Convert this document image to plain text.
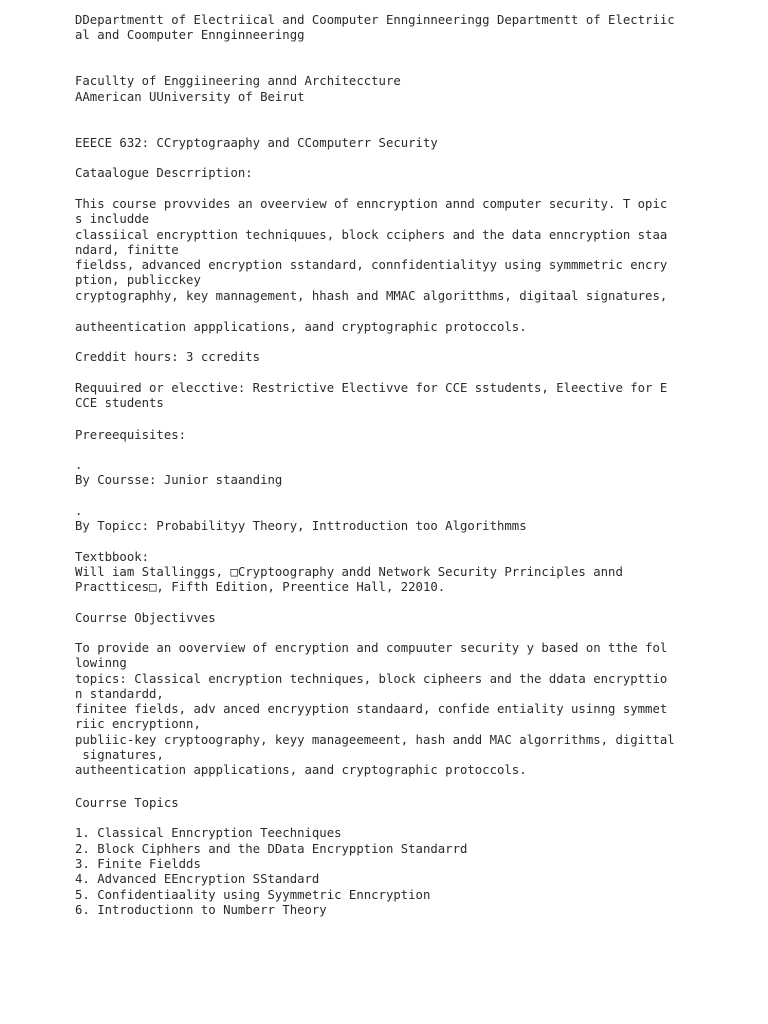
DDepartmentt of Electriical and Coomputer Ennginneeringg Departmentt of Electriic
al and Coomputer Ennginneeringg

Facullty of Enggiineering annd Architeccture

AAmerican UUniversity of Beirut

EEECE 632: CCryptograaphy and CComputerr Security

Cataalogue Descrription:

This course provvides an oveerview of enncryption annd computer security. T opic
s includde
classiical encrypttion techniquues, block cciphers and the data enncryption staa
ndard, finitte
fieldss, advanced encryption sstandard, connfidentialityy using symmmetric encry
ption, publicckey
cryptographhy, key mannagement, hhash and MMAC algoritthms, digitaal signatures,

autheentication appplications, aand cryptographic protoccols.

Creddit hours: 3 ccredits

Requuired or elecctive: Restrictive Electivve for CCE sstudents, Eleective for E
CCE students

Prereequisites:

.

By Coursse: Junior staanding

.

By Topicc: Probabilityy Theory, Inttroduction too Algorithmms

Textbbook:

Will iam Stallinggs, □Cryptoography andd Network Security Prrinciples annd
Practtices□, Fifth Edition, Preentice Hall, 22010.

Courrse Objectivves

To provide an ooverview of encryption and compuuter security y based on tthe fol
lowinng
topics: Classical encryption techniques, block cipheers and the ddata encrypttio
n standardd,
finitee fields, adv anced encryyption standaard, confide entiality usinng symmet
riic encryptionn,
publiic-key cryptoography, keyy manageemeent, hash andd MAC algorrithms, digittal
signatures,
autheentication appplications, aand cryptographic protoccols.

Courrse Topics

1. Classical Enncryption Teechniques

2. Block Ciphhers and the DData Encrypption Standarrd

3. Finite Fieldds

4. Advanced EEncryption SStandard

5. Confidentiaality using Syymmetric Enncryption

6. Introductionn to Numberr Theory
